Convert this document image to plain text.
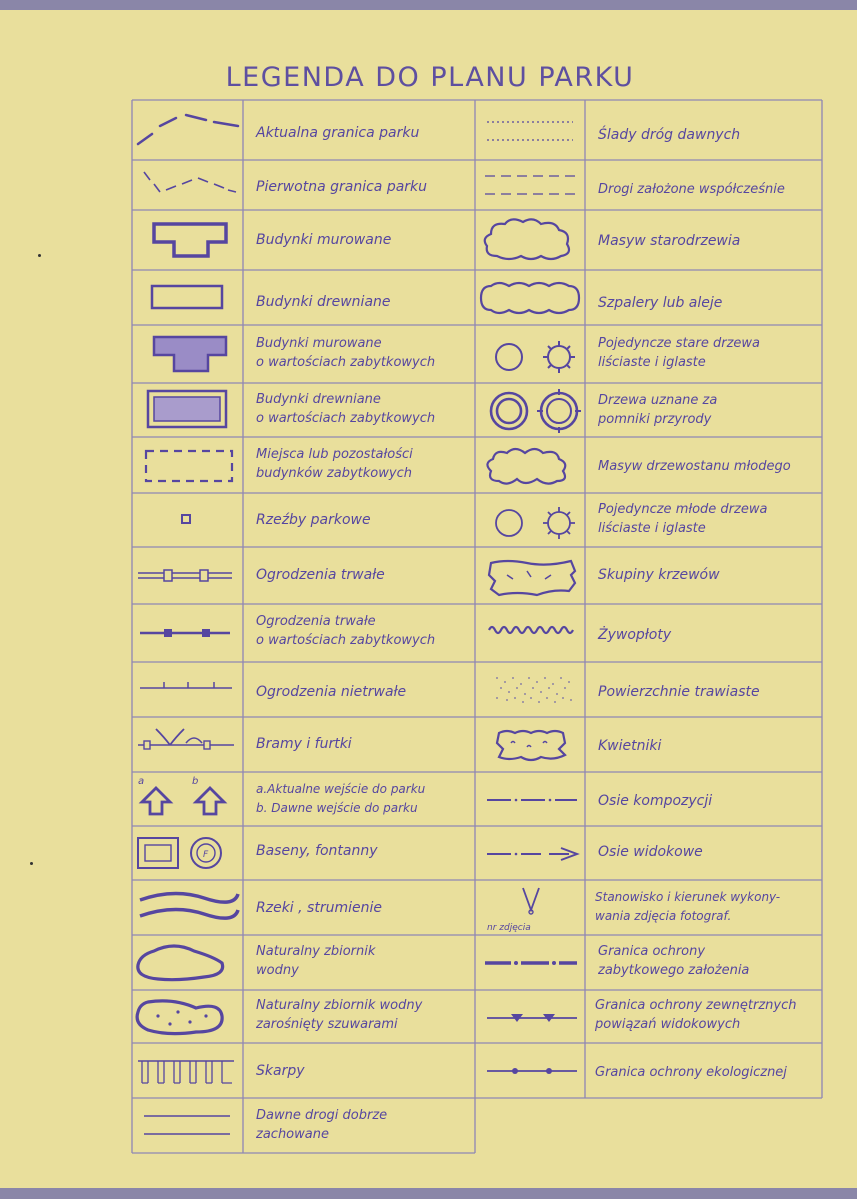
LEGENDA DO PLANU PARKU
a	b
F
nr zdjęcia
Aktualna granica parku
Pierwotna granica parku
Budynki murowane
Budynki drewniane
Budynki murowane
o wartościach zabytkowych
Budynki drewniane
o wartościach zabytkowych
Miejsca lub pozostałości
budynków zabytkowych
Rzeźby parkowe
Ogrodzenia trwałe
Ogrodzenia trwałe
o wartościach zabytkowych
Ogrodzenia nietrwałe
Bramy i furtki
a.Aktualne wejście do parku
b. Dawne wejście do parku
Baseny, fontanny
Rzeki , strumienie
Naturalny zbiornik
wodny
Naturalny zbiornik wodny
zarośnięty szuwarami
Skarpy
Dawne drogi dobrze
zachowane
Ślady dróg dawnych
Drogi założone współcześnie
Masyw starodrzewia
Szpalery lub aleje
Pojedyncze stare drzewa
liściaste i iglaste
Drzewa uznane za
pomniki przyrody
Masyw drzewostanu młodego
Pojedyncze młode drzewa
liściaste i iglaste
Skupiny krzewów
Żywopłoty
Powierzchnie trawiaste
Kwietniki
Osie kompozycji
Osie widokowe
Stanowisko i kierunek wykony-
wania zdjęcia fotograf.
Granica ochrony
zabytkowego założenia
Granica ochrony zewnętrznych
powiązań widokowych
Granica ochrony ekologicznej
